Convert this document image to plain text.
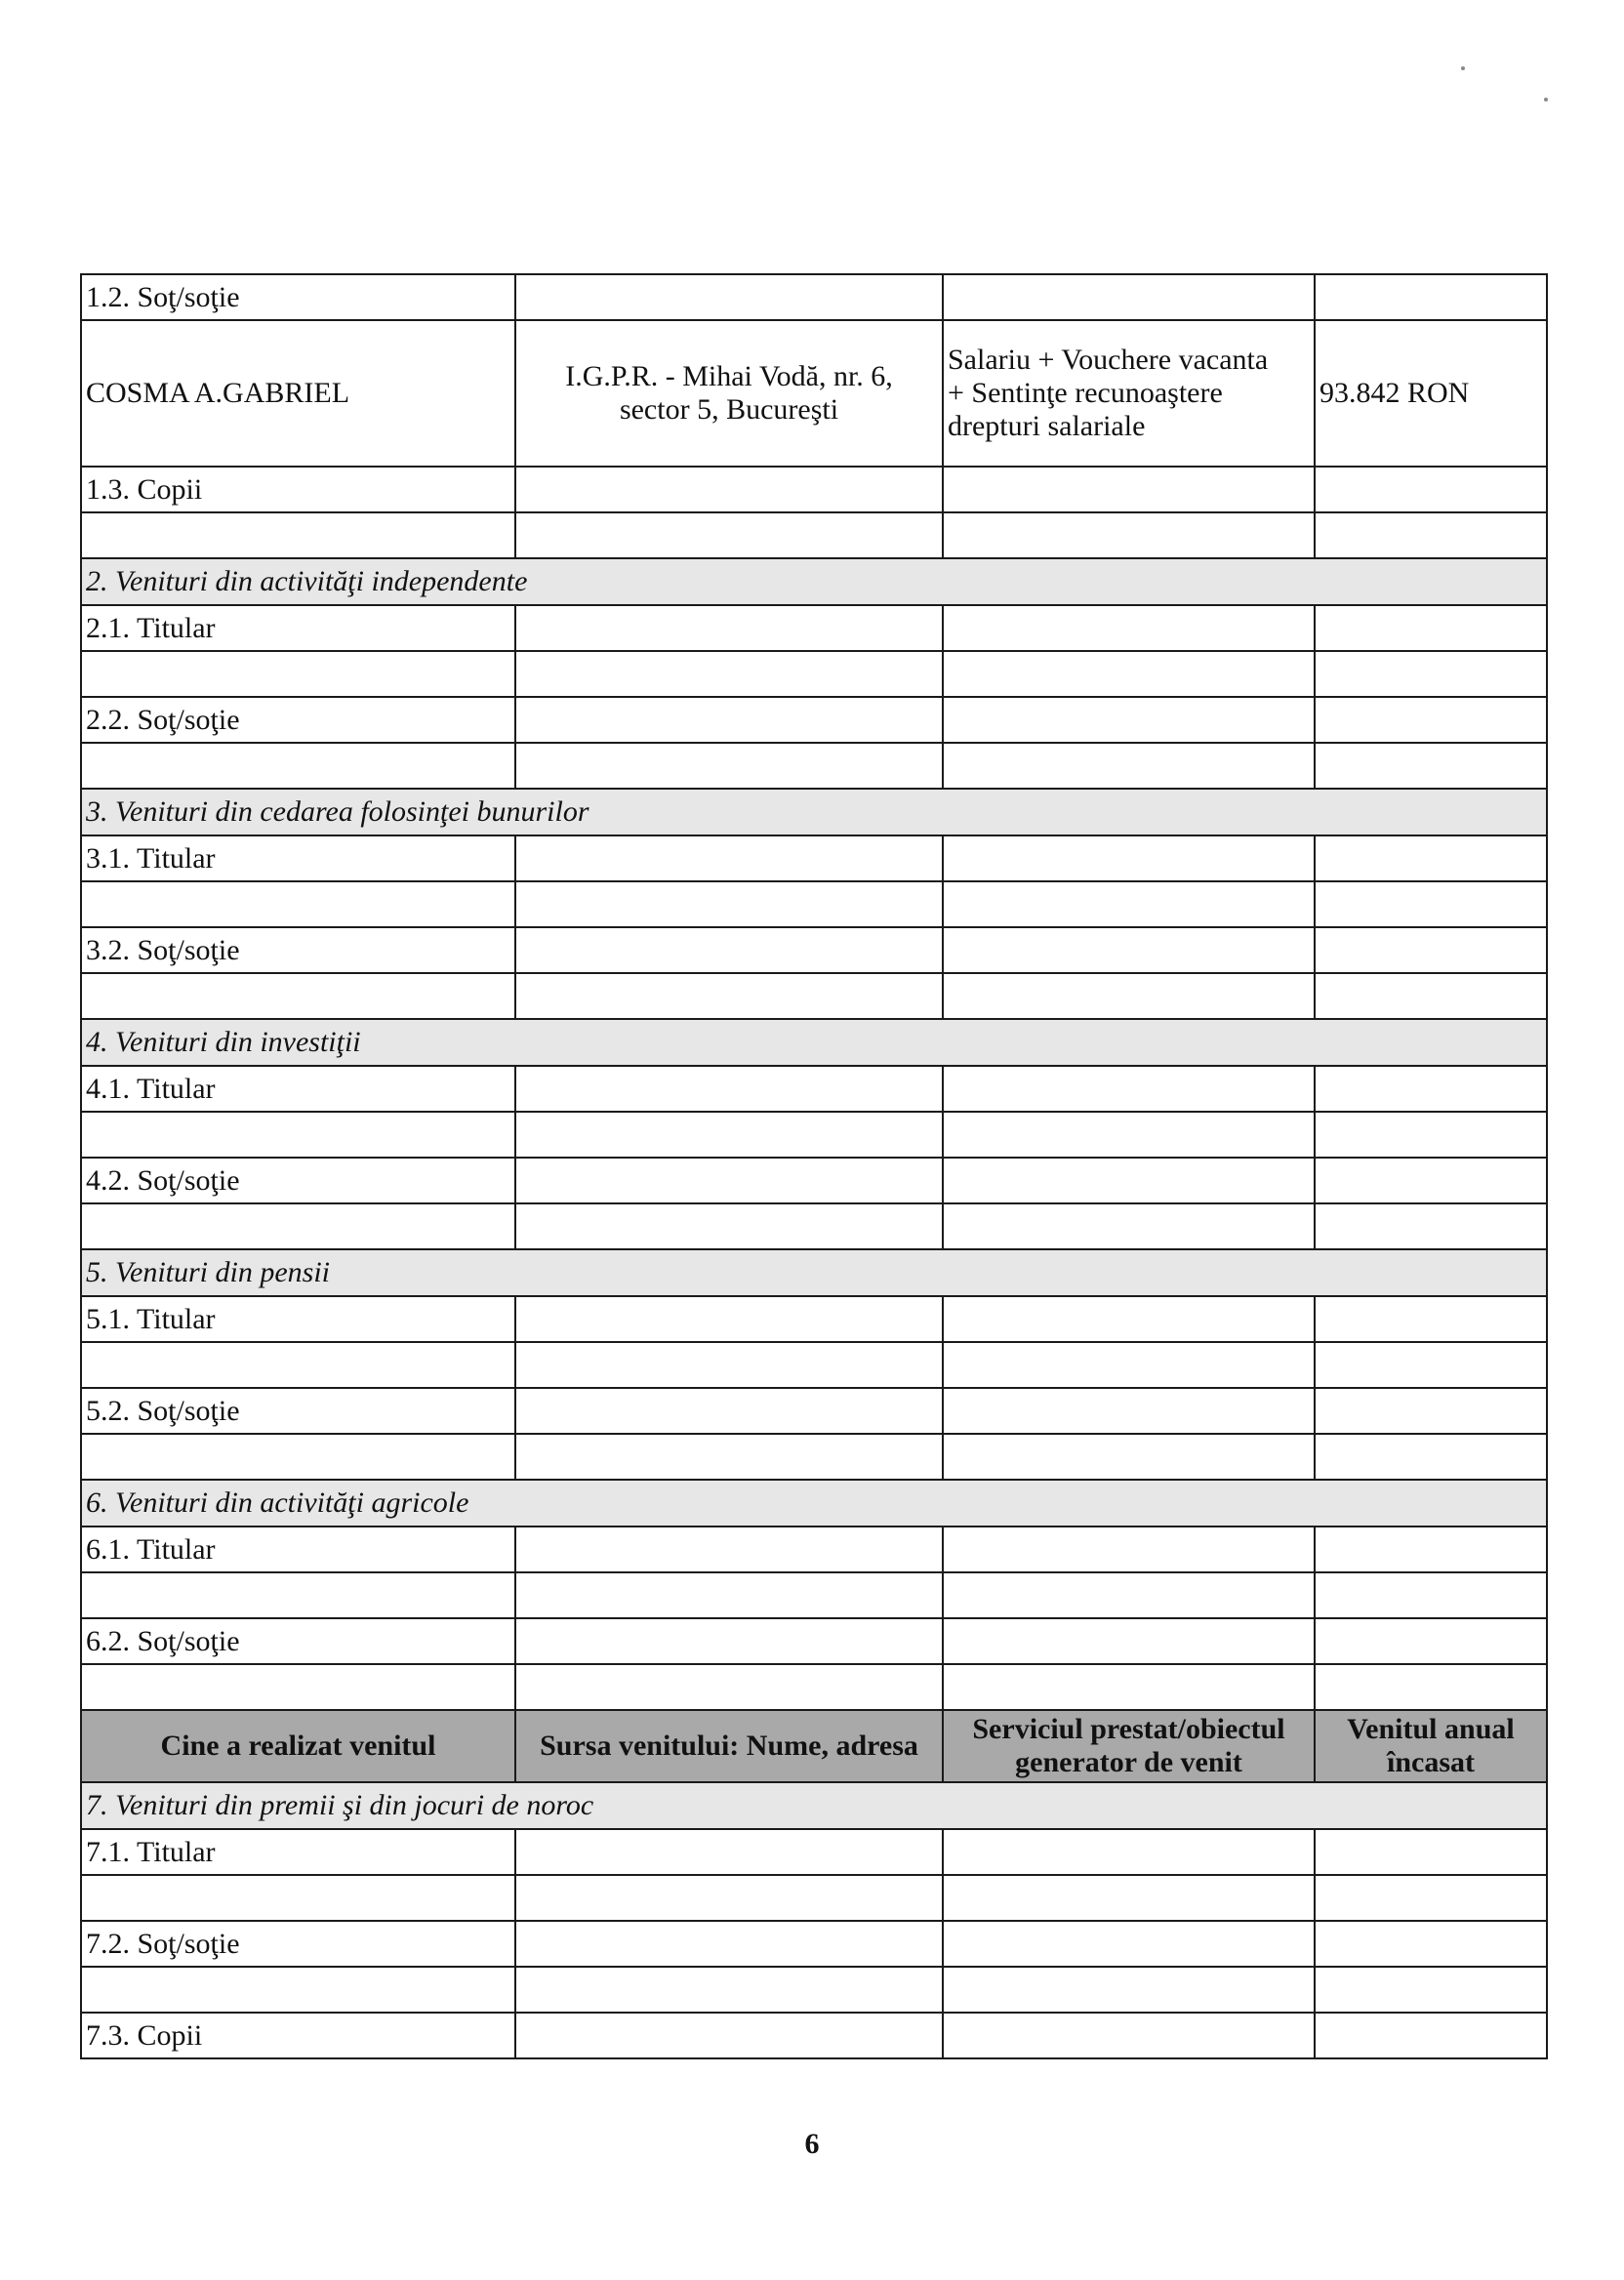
1.2. Soţ/soţie			
COSMA A.GABRIEL	I.G.P.R. - Mihai Vodă, nr. 6, sector 5, Bucureşti	Salariu + Vouchere vacanta + Sentinţe recunoaştere drepturi salariale	93.842 RON
1.3. Copii			

2. Venituri din activităţi independente			
2.1. Titular			

2.2. Soţ/soţie			

3. Venituri din cedarea folosinţei bunurilor			
3.1. Titular			

3.2. Soţ/soţie			

4. Venituri din investiţii			
4.1. Titular			

4.2. Soţ/soţie			

5. Venituri din pensii			
5.1. Titular			

5.2. Soţ/soţie			

6. Venituri din activităţi agricole			
6.1. Titular			

6.2. Soţ/soţie			

Cine a realizat venitul	Sursa venitului: Nume, adresa	Serviciul prestat/obiectul generator de venit	Venitul anual încasat
7. Venituri din premii şi din jocuri de noroc			
7.1. Titular			

7.2. Soţ/soţie			

7.3. Copii			
6
